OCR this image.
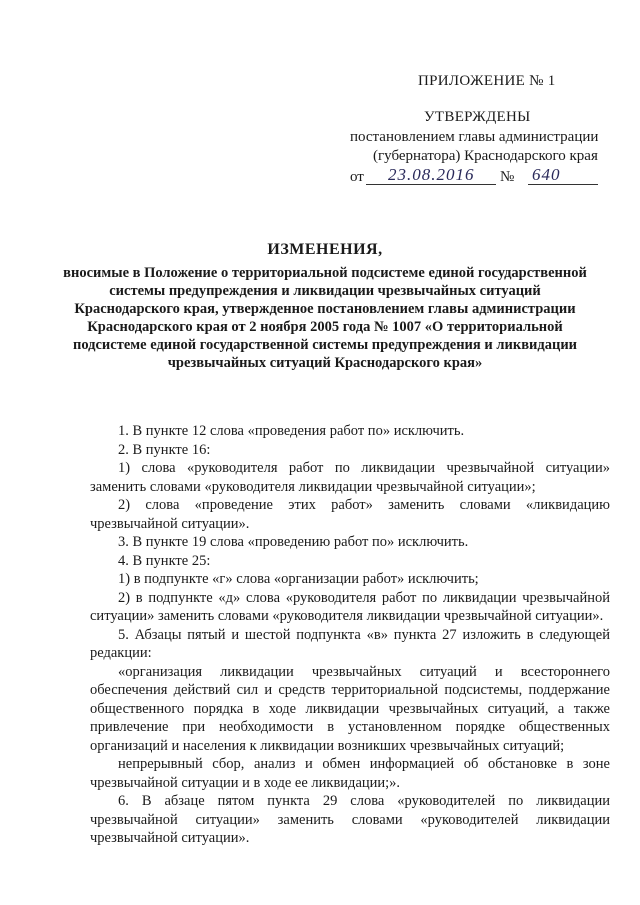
ПРИЛОЖЕНИЕ № 1
УТВЕРЖДЕНЫ
постановлением главы администрации
(губернатора) Краснодарского края
от 23.08.2016 № 640
ИЗМЕНЕНИЯ,
вносимые в Положение о территориальной подсистеме единой государственной системы предупреждения и ликвидации чрезвычайных ситуаций Краснодарского края, утвержденное постановлением главы администрации Краснодарского края от 2 ноября 2005 года № 1007 «О территориальной подсистеме единой государственной системы предупреждения и ликвидации чрезвычайных ситуаций Краснодарского края»

1. В пункте 12 слова «проведения работ по» исключить.

2. В пункте 16:

1) слова «руководителя работ по ликвидации чрезвычайной ситуации» заменить словами «руководителя ликвидации чрезвычайной ситуации»;

2) слова «проведение этих работ» заменить словами «ликвидацию чрезвычайной ситуации».

3. В пункте 19 слова «проведению работ по» исключить.

4. В пункте 25:

1) в подпункте «г» слова «организации работ» исключить;

2) в подпункте «д» слова «руководителя работ по ликвидации чрезвычайной ситуации» заменить словами «руководителя ликвидации чрезвычайной ситуации».

5. Абзацы пятый и шестой подпункта «в» пункта 27 изложить в следующей редакции:

«организация ликвидации чрезвычайных ситуаций и всестороннего обеспечения действий сил и средств территориальной подсистемы, поддержание общественного порядка в ходе ликвидации чрезвычайных ситуаций, а также привлечение при необходимости в установленном порядке общественных организаций и населения к ликвидации возникших чрезвычайных ситуаций;

непрерывный сбор, анализ и обмен информацией об обстановке в зоне чрезвычайной ситуации и в ходе ее ликвидации;».

6. В абзаце пятом пункта 29 слова «руководителей по ликвидации чрезвычайной ситуации» заменить словами «руководителей ликвидации чрезвычайной ситуации».
